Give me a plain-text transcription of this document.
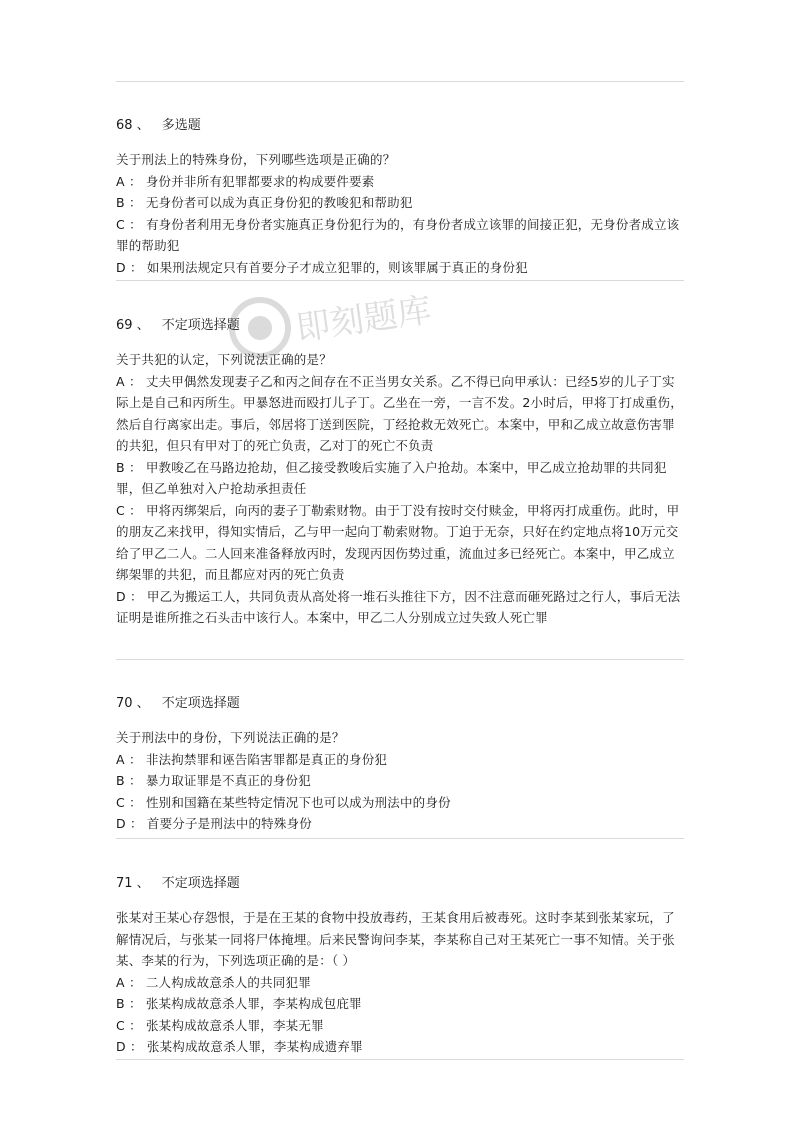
即刻题库
68 、 多选题
关于刑法上的特殊身份，下列哪些选项是正确的？
A ： 身份并非所有犯罪都要求的构成要件要素
B ： 无身份者可以成为真正身份犯的教唆犯和帮助犯
C ： 有身份者利用无身份者实施真正身份犯行为的，有身份者成立该罪的间接正犯，无身份者成立该罪的帮助犯
D ： 如果刑法规定只有首要分子才成立犯罪的，则该罪属于真正的身份犯
69 、 不定项选择题
关于共犯的认定，下列说法正确的是？
A ： 丈夫甲偶然发现妻子乙和丙之间存在不正当男女关系。乙不得已向甲承认：已经5岁的儿子丁实际上是自己和丙所生。甲暴怒进而殴打儿子丁。乙坐在一旁，一言不发。2小时后，甲将丁打成重伤，然后自行离家出走。事后，邻居将丁送到医院，丁经抢救无效死亡。本案中，甲和乙成立故意伤害罪的共犯，但只有甲对丁的死亡负责，乙对丁的死亡不负责
B ： 甲教唆乙在马路边抢劫，但乙接受教唆后实施了入户抢劫。本案中，甲乙成立抢劫罪的共同犯罪，但乙单独对入户抢劫承担责任
C ： 甲将丙绑架后，向丙的妻子丁勒索财物。由于丁没有按时交付赎金，甲将丙打成重伤。此时，甲的朋友乙来找甲，得知实情后，乙与甲一起向丁勒索财物。丁迫于无奈，只好在约定地点将10万元交给了甲乙二人。二人回来准备释放丙时，发现丙因伤势过重，流血过多已经死亡。本案中，甲乙成立绑架罪的共犯，而且都应对丙的死亡负责
D ： 甲乙为搬运工人，共同负责从高处将一堆石头推往下方，因不注意而砸死路过之行人，事后无法证明是谁所推之石头击中该行人。本案中，甲乙二人分别成立过失致人死亡罪
70 、 不定项选择题
关于刑法中的身份，下列说法正确的是？
A ： 非法拘禁罪和诬告陷害罪都是真正的身份犯
B ： 暴力取证罪是不真正的身份犯
C ： 性别和国籍在某些特定情况下也可以成为刑法中的身份
D ： 首要分子是刑法中的特殊身份
71 、 不定项选择题
张某对王某心存怨恨，于是在王某的食物中投放毒药，王某食用后被毒死。这时李某到张某家玩，了解情况后，与张某一同将尸体掩埋。后来民警询问李某，李某称自己对王某死亡一事不知情。关于张某、李某的行为，下列选项正确的是：（ ）
A ： 二人构成故意杀人的共同犯罪
B ： 张某构成故意杀人罪，李某构成包庇罪
C ： 张某构成故意杀人罪，李某无罪
D ： 张某构成故意杀人罪，李某构成遗弃罪
